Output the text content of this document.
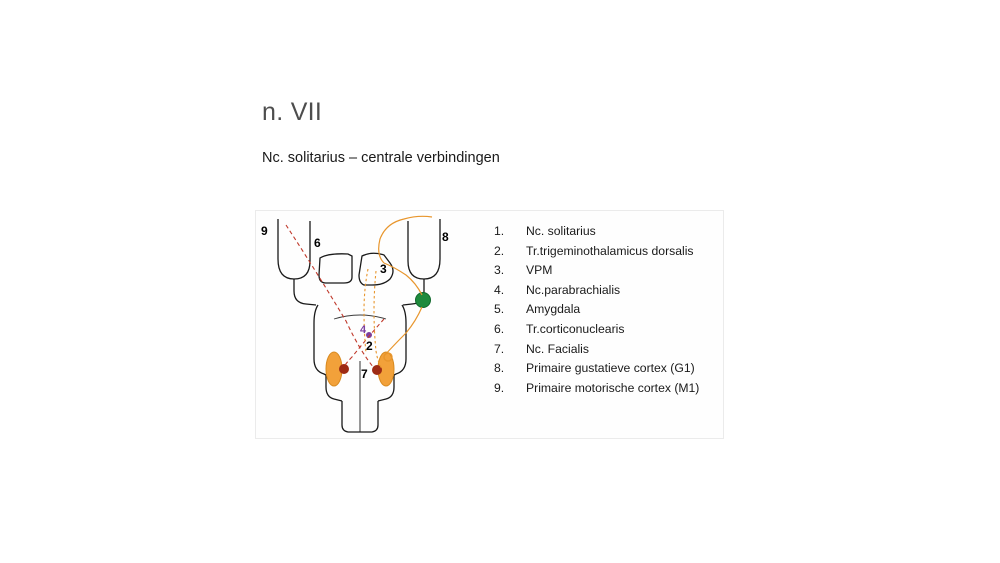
n. VII
Nc. solitarius – centrale verbindingen
9
6
3
8
4
2
7
1.	Nc. solitarius
2.	Tr.trigeminothalamicus dorsalis
3.	VPM
4.	Nc.parabrachialis
5.	Amygdala
6.	Tr.corticonuclearis
7.	Nc. Facialis
8.	Primaire gustatieve cortex (G1)
9.	Primaire motorische cortex (M1)
